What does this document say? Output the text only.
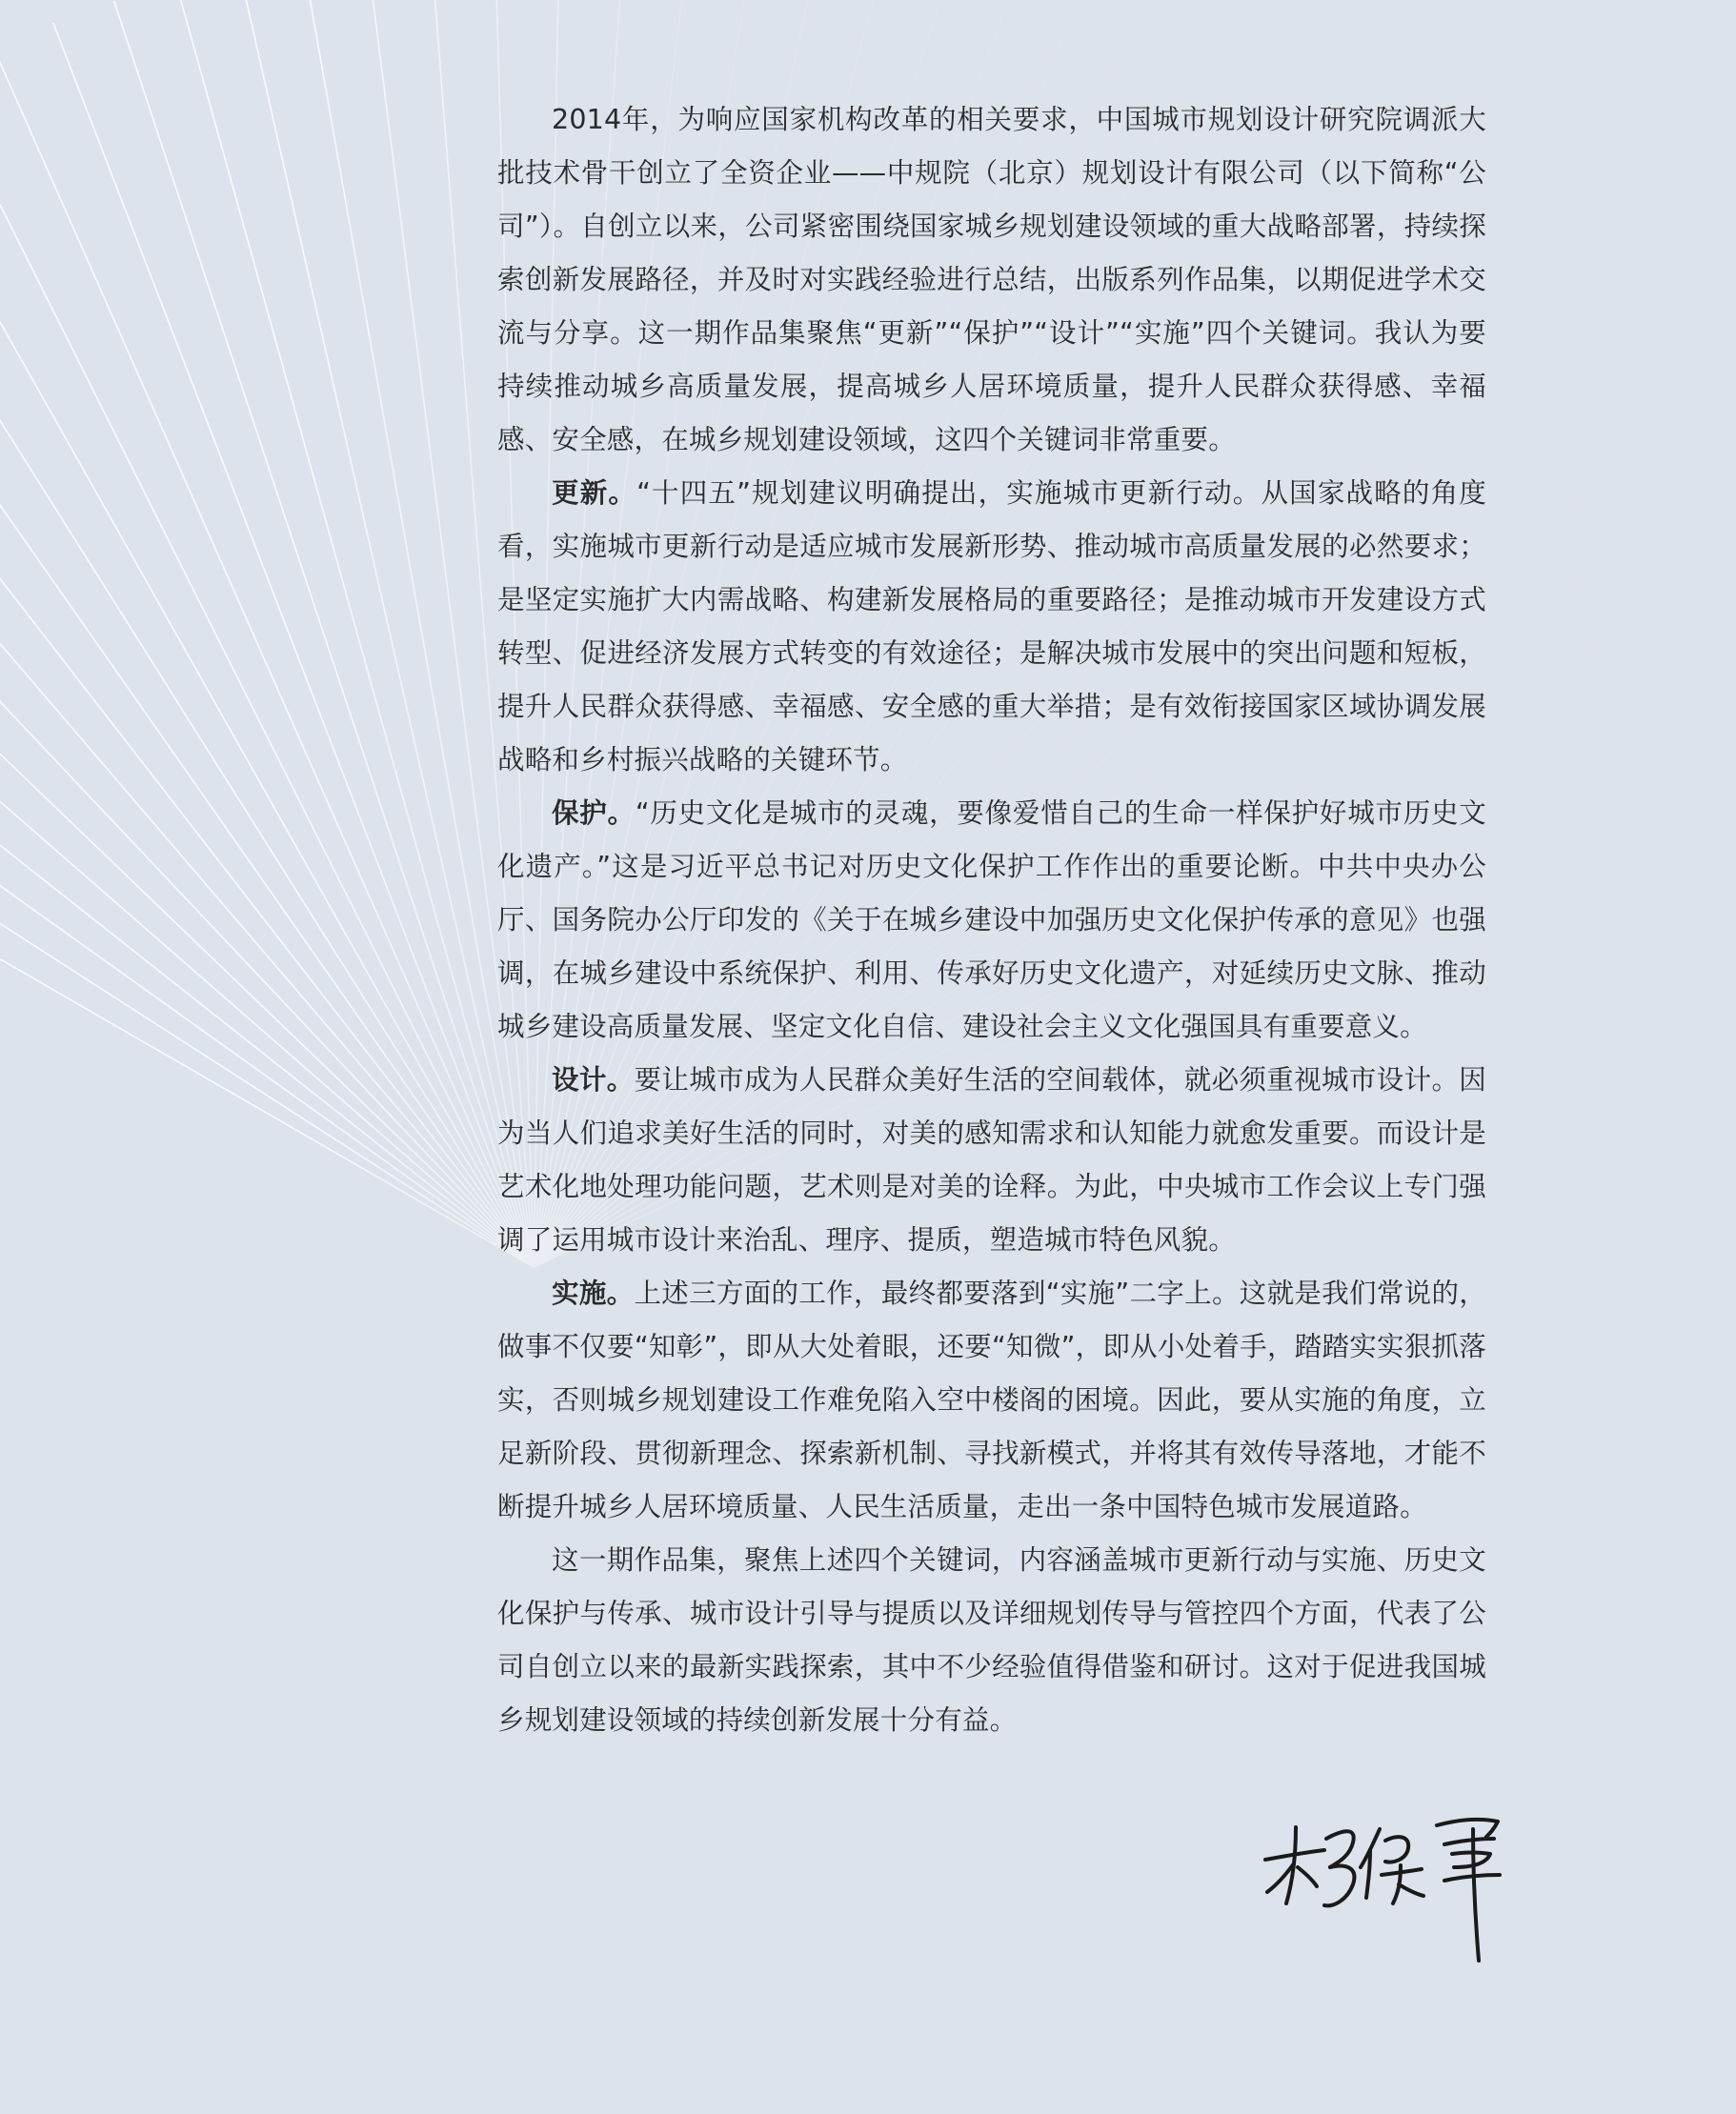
2014年，为响应国家机构改革的相关要求，中国城市规划设计研究院调派大批技术骨干创立了全资企业——中规院（北京）规划设计有限公司（以下简称“公司”）。自创立以来，公司紧密围绕国家城乡规划建设领域的重大战略部署，持续探索创新发展路径，并及时对实践经验进行总结，出版系列作品集，以期促进学术交流与分享。这一期作品集聚焦“更新”“保护”“设计”“实施”四个关键词。我认为要持续推动城乡高质量发展，提高城乡人居环境质量，提升人民群众获得感、幸福感、安全感，在城乡规划建设领域，这四个关键词非常重要。

更新。“十四五”规划建议明确提出，实施城市更新行动。从国家战略的角度看，实施城市更新行动是适应城市发展新形势、推动城市高质量发展的必然要求；是坚定实施扩大内需战略、构建新发展格局的重要路径；是推动城市开发建设方式转型、促进经济发展方式转变的有效途径；是解决城市发展中的突出问题和短板，提升人民群众获得感、幸福感、安全感的重大举措；是有效衔接国家区域协调发展战略和乡村振兴战略的关键环节。

保护。“历史文化是城市的灵魂，要像爱惜自己的生命一样保护好城市历史文化遗产。”这是习近平总书记对历史文化保护工作作出的重要论断。中共中央办公厅、国务院办公厅印发的《关于在城乡建设中加强历史文化保护传承的意见》也强调，在城乡建设中系统保护、利用、传承好历史文化遗产，对延续历史文脉、推动城乡建设高质量发展、坚定文化自信、建设社会主义文化强国具有重要意义。

设计。要让城市成为人民群众美好生活的空间载体，就必须重视城市设计。因为当人们追求美好生活的同时，对美的感知需求和认知能力就愈发重要。而设计是艺术化地处理功能问题，艺术则是对美的诠释。为此，中央城市工作会议上专门强调了运用城市设计来治乱、理序、提质，塑造城市特色风貌。

实施。上述三方面的工作，最终都要落到“实施”二字上。这就是我们常说的，做事不仅要“知彰”，即从大处着眼，还要“知微”，即从小处着手，踏踏实实狠抓落实，否则城乡规划建设工作难免陷入空中楼阁的困境。因此，要从实施的角度，立足新阶段、贯彻新理念、探索新机制、寻找新模式，并将其有效传导落地，才能不断提升城乡人居环境质量、人民生活质量，走出一条中国特色城市发展道路。

这一期作品集，聚焦上述四个关键词，内容涵盖城市更新行动与实施、历史文化保护与传承、城市设计引导与提质以及详细规划传导与管控四个方面，代表了公司自创立以来的最新实践探索，其中不少经验值得借鉴和研讨。这对于促进我国城乡规划建设领域的持续创新发展十分有益。
